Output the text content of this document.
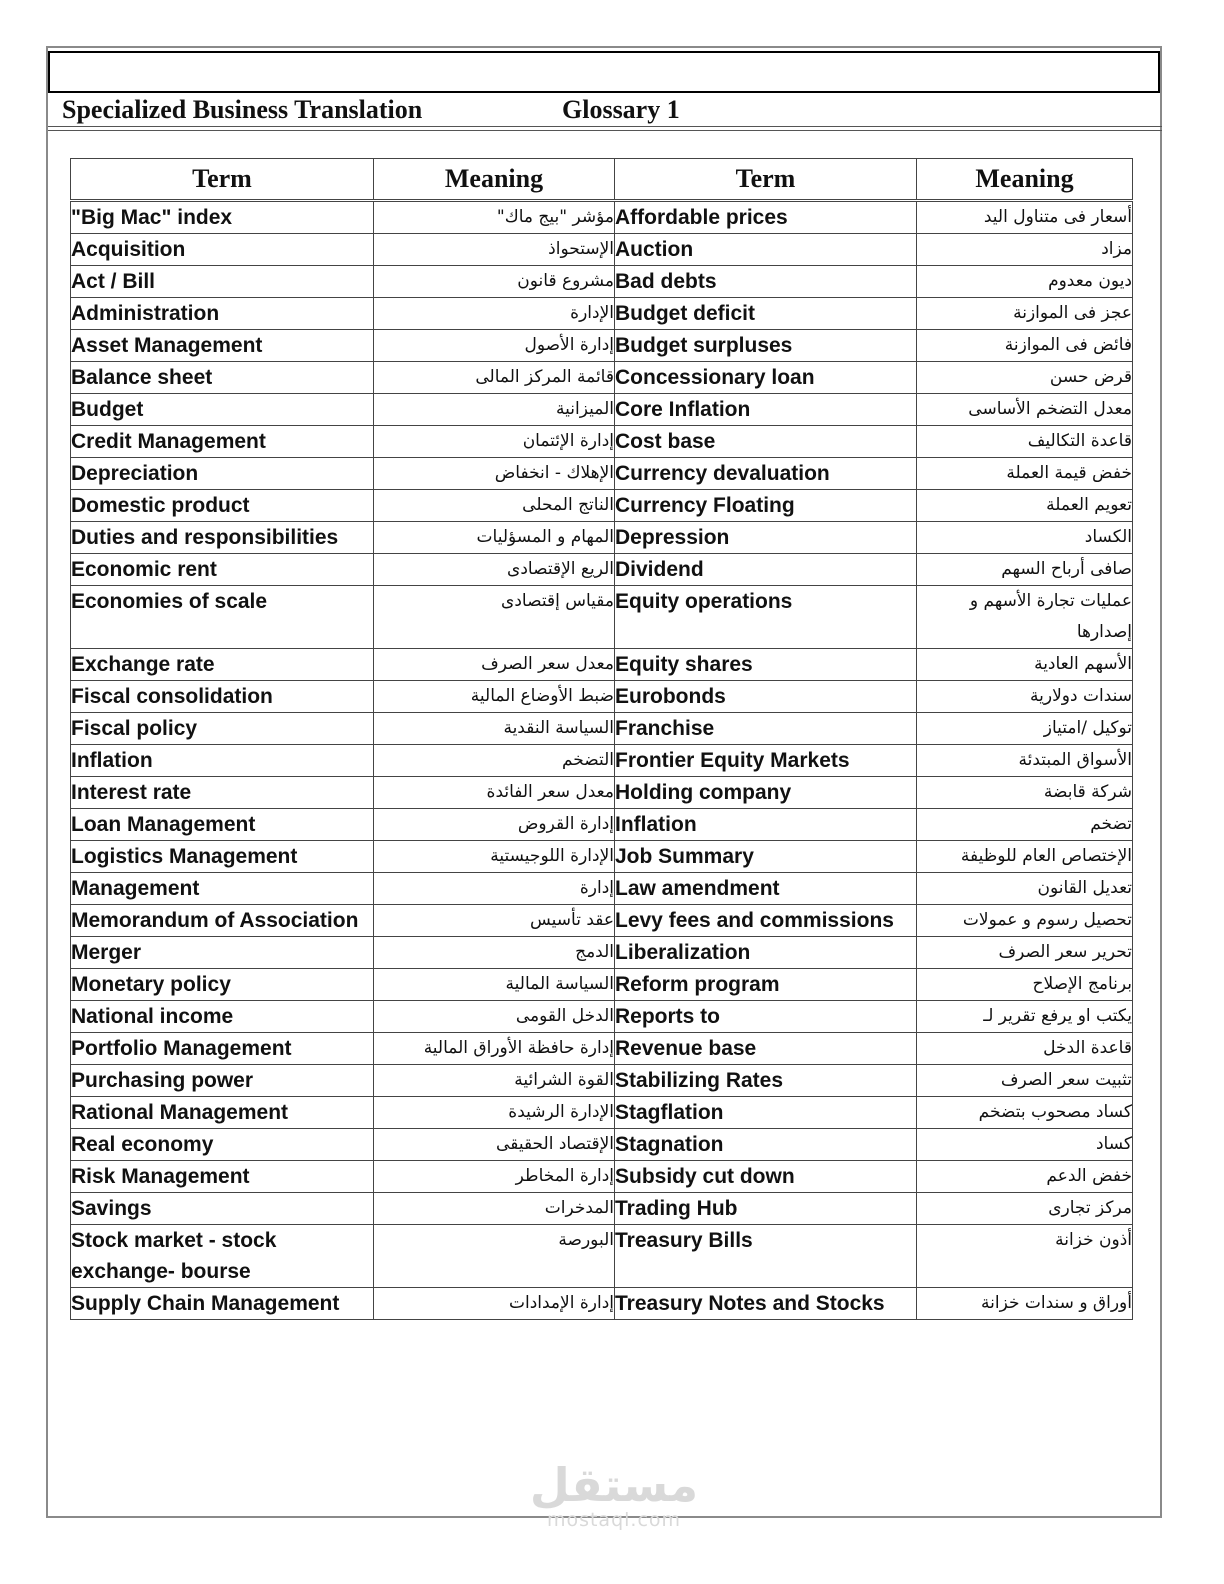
Specialized Business Translation	Glossary 1
Term	Meaning	Term	Meaning
"Big Mac" index	مؤشر "بيج ماك"	Affordable prices	أسعار فى متناول اليد
Acquisition	الإستحواذ	Auction	مزاد
Act / Bill	مشروع قانون	Bad debts	ديون معدوم
Administration	الإدارة	Budget deficit	عجز فى الموازنة
Asset Management	إدارة الأصول	Budget surpluses	فائض فى الموازنة
Balance sheet	قائمة المركز المالى	Concessionary loan	قرض حسن
Budget	الميزانية	Core Inflation	معدل التضخم الأساسى
Credit Management	إدارة الإئتمان	Cost base	قاعدة التكاليف
Depreciation	الإهلاك - انخفاض	Currency devaluation	خفض قيمة العملة
Domestic product	الناتج المحلى	Currency Floating	تعويم العملة
Duties and responsibilities	المهام و المسؤليات	Depression	الكساد
Economic rent	الريع الإقتصادى	Dividend	صافى أرباح السهم
Economies of scale	مقياس إقتصادى	Equity operations	عمليات تجارة الأسهم و إصدارها
Exchange rate	معدل سعر الصرف	Equity shares	الأسهم العادية
Fiscal consolidation	ضبط الأوضاع المالية	Eurobonds	سندات دولارية
Fiscal policy	السياسة النقدية	Franchise	توكيل /امتياز
Inflation	التضخم	Frontier Equity Markets	الأسواق المبتدئة
Interest rate	معدل سعر الفائدة	Holding company	شركة قابضة
Loan Management	إدارة القروض	Inflation	تضخم
Logistics Management	الإدارة اللوجيستية	Job Summary	الإختصاص العام للوظيفة
Management	إدارة	Law amendment	تعديل القانون
Memorandum of Association	عقد تأسيس	Levy fees and commissions	تحصيل رسوم و عمولات
Merger	الدمج	Liberalization	تحرير سعر الصرف
Monetary policy	السياسة المالية	Reform program	برنامج الإصلاح
National income	الدخل القومى	Reports to	يكتب او يرفع تقرير لـ
Portfolio Management	إدارة حافظة الأوراق المالية	Revenue base	قاعدة الدخل
Purchasing power	القوة الشرائية	Stabilizing Rates	تثبيت سعر الصرف
Rational Management	الإدارة الرشيدة	Stagflation	كساد مصحوب بتضخم
Real economy	الإقتصاد الحقيقى	Stagnation	كساد
Risk Management	إدارة المخاطر	Subsidy cut down	خفض الدعم
Savings	المدخرات	Trading Hub	مركز تجارى
Stock market - stock exchange- bourse	البورصة	Treasury Bills	أذون خزانة
Supply Chain Management	إدارة الإمدادات	Treasury Notes and Stocks	أوراق و سندات خزانة
مستقل
mostaql.com
